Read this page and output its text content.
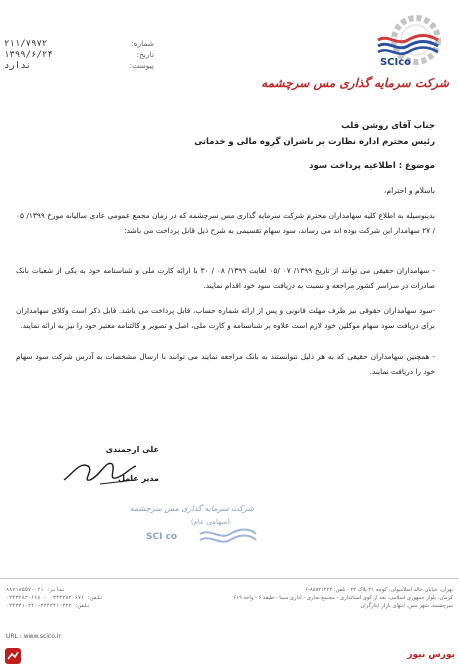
شماره:
۲۱۱/۷۹۷۲
تاریخ:
۱۳۹۹/۶/۲۴
پیوست:
ندارد	SCIco
شرکت سرمایه گذاری مس سرچشمه
جناب آقای روشن قلب
رئیس محترم اداره نظارت بر ناشران گروه مالی و خدماتی
موضوع : اطلاعیه پرداخت سود
باسلام و احترام،
بدینوسیله به اطلاع کلیه سهامداران محترم شرکت سرمایه گذاری مس سرچشمه که در زمان مجمع عمومی عادی سالیانه مورخ ۱۳۹۹/ ۰۵ / ۲۷ سهامدار این شرکت بوده اند می رساند، سود سهام تقسیمی به شرح ذیل قابل پرداخت می باشد:
- سهامداران حقیقی می توانند از تاریخ ۱۳۹۹/ ۰۷ /۰۵ لغایت ۱۳۹۹/ ۰۸ / ۳۰ با ارائه کارت ملی و شناسنامه خود به یکی از شعبات بانک صادرات در سراسر کشور مراجعه و نسبت به دریافت سود خود اقدام نمایند.
-سود سهامداران حقوقی نیز ظرف مهلت قانونی و پس از ارائه شماره حساب، قابل پرداخت می باشد. قابل ذکر است وکلای سهامداران برای دریافت سود سهام موکلین خود لازم است علاوه بر شناسنامه و کارت ملی، اصل و تصویر و کالتنامه معتبر خود را نیز به ارائه نمایند.
- همچنین سهامداران حقیقی که به هر دلیل نتوانستند به بانک مراجعه نمایند می توانند با ارسال مشخصات به آدرس شرکت سود سهام خود را دریافت نمایند.
علی ارجمندی
مدیر عامل
شرکت سرمایه گذاری مس سرچشمه
(سهامی عام)
SCI co
تهران، خیابان خالد اسلامبولی، کوچه ۲۱ پلاک ۲۲ - تلفن: ۸۸۷۲۱۲۲۴-۶
کرمان، بلوار جمهوری اسلامی، بعد از کوی استانداری - مجتمع تجاری - اداری سینا - طبقه ۶ - واحد ۶۱۹
سرچشمه، شهر مس، انتهای بازار ایثارگران
نمابر: ۰۲۱-۸۸۷۱۸۵۵۷
تلفن: ۰۳۴۳۲۸۲۰۶۷۶ - ۰۳۴۳۲۸۲۰۶۶۸
تلفن: ۳۴۴۳۴۱۰۳۲۲-۰۳۴۳۴۱۰۲۴۰
URL : www.scico.ir
بورس نیوز
